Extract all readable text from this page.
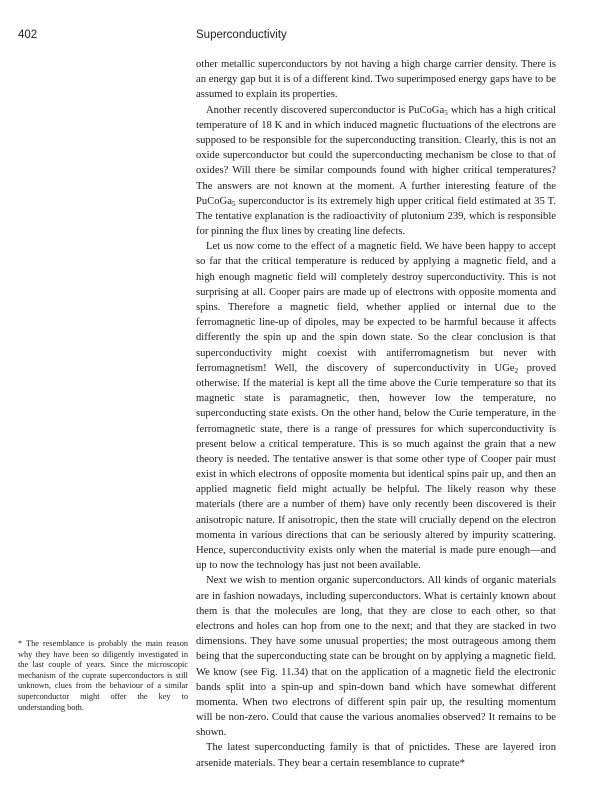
402	Superconductivity

other metallic superconductors by not having a high charge carrier density. There is an energy gap but it is of a different kind. Two superimposed energy gaps have to be assumed to explain its properties.

Another recently discovered superconductor is PuCoGa$_5$ which has a high critical temperature of 18 K and in which induced magnetic fluctuations of the electrons are supposed to be responsible for the superconducting transition. Clearly, this is not an oxide superconductor but could the superconducting mechanism be close to that of oxides? Will there be similar compounds found with higher critical temperatures? The answers are not known at the moment. A further interesting feature of the PuCoGa$_5$ superconductor is its extremely high upper critical field estimated at 35 T. The tentative explanation is the radioactivity of plutonium 239, which is responsible for pinning the flux lines by creating line defects.

Let us now come to the effect of a magnetic field. We have been happy to accept so far that the critical temperature is reduced by applying a magnetic field, and a high enough magnetic field will completely destroy superconductivity. This is not surprising at all. Cooper pairs are made up of electrons with opposite momenta and spins. Therefore a magnetic field, whether applied or internal due to the ferromagnetic line-up of dipoles, may be expected to be harmful because it affects differently the spin up and the spin down state. So the clear conclusion is that superconductivity might coexist with antiferromagnetism but never with ferromagnetism! Well, the discovery of superconductivity in UGe$_2$ proved otherwise. If the material is kept all the time above the Curie temperature so that its magnetic state is paramagnetic, then, however low the temperature, no superconducting state exists. On the other hand, below the Curie temperature, in the ferromagnetic state, there is a range of pressures for which superconductivity is present below a critical temperature. This is so much against the grain that a new theory is needed. The tentative answer is that some other type of Cooper pair must exist in which electrons of opposite momenta but identical spins pair up, and then an applied magnetic field might actually be helpful. The likely reason why these materials (there are a number of them) have only recently been discovered is their anisotropic nature. If anisotropic, then the state will crucially depend on the electron momenta in various directions that can be seriously altered by impurity scattering. Hence, superconductivity exists only when the material is made pure enough—and up to now the technology has just not been available.

Next we wish to mention organic superconductors. All kinds of organic materials are in fashion nowadays, including superconductors. What is certainly known about them is that the molecules are long, that they are close to each other, so that electrons and holes can hop from one to the next; and that they are stacked in two dimensions. They have some unusual properties; the most outrageous among them being that the superconducting state can be brought on by applying a magnetic field. We know (see Fig. 11.34) that on the application of a magnetic field the electronic bands split into a spin-up and spin-down band which have somewhat different momenta. When two electrons of different spin pair up, the resulting momentum will be non-zero. Could that cause the various anomalies observed? It remains to be shown.

The latest superconducting family is that of pnictides. These are layered iron arsenide materials. They bear a certain resemblance to cuprate*

* The resemblance is probably the main reason why they have been so diligently investigated in the last couple of years. Since the microscopic mechanism of the cuprate superconductors is still unknown, clues from the behaviour of a similar superconductor might offer the key to understanding both.
